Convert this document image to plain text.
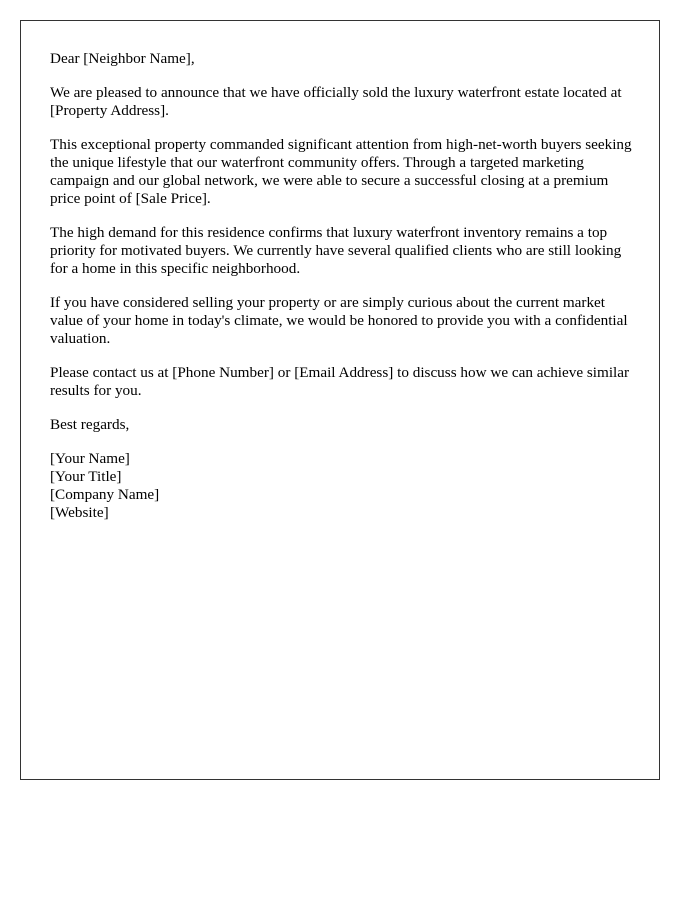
Dear [Neighbor Name],

We are pleased to announce that we have officially sold the luxury waterfront estate located at [Property Address].

This exceptional property commanded significant attention from high-net-worth buyers seeking the unique lifestyle that our waterfront community offers. Through a targeted marketing campaign and our global network, we were able to secure a successful closing at a premium price point of [Sale Price].

The high demand for this residence confirms that luxury waterfront inventory remains a top priority for motivated buyers. We currently have several qualified clients who are still looking for a home in this specific neighborhood.

If you have considered selling your property or are simply curious about the current market value of your home in today's climate, we would be honored to provide you with a confidential valuation.

Please contact us at [Phone Number] or [Email Address] to discuss how we can achieve similar results for you.

Best regards,

[Your Name]
[Your Title]
[Company Name]
[Website]
